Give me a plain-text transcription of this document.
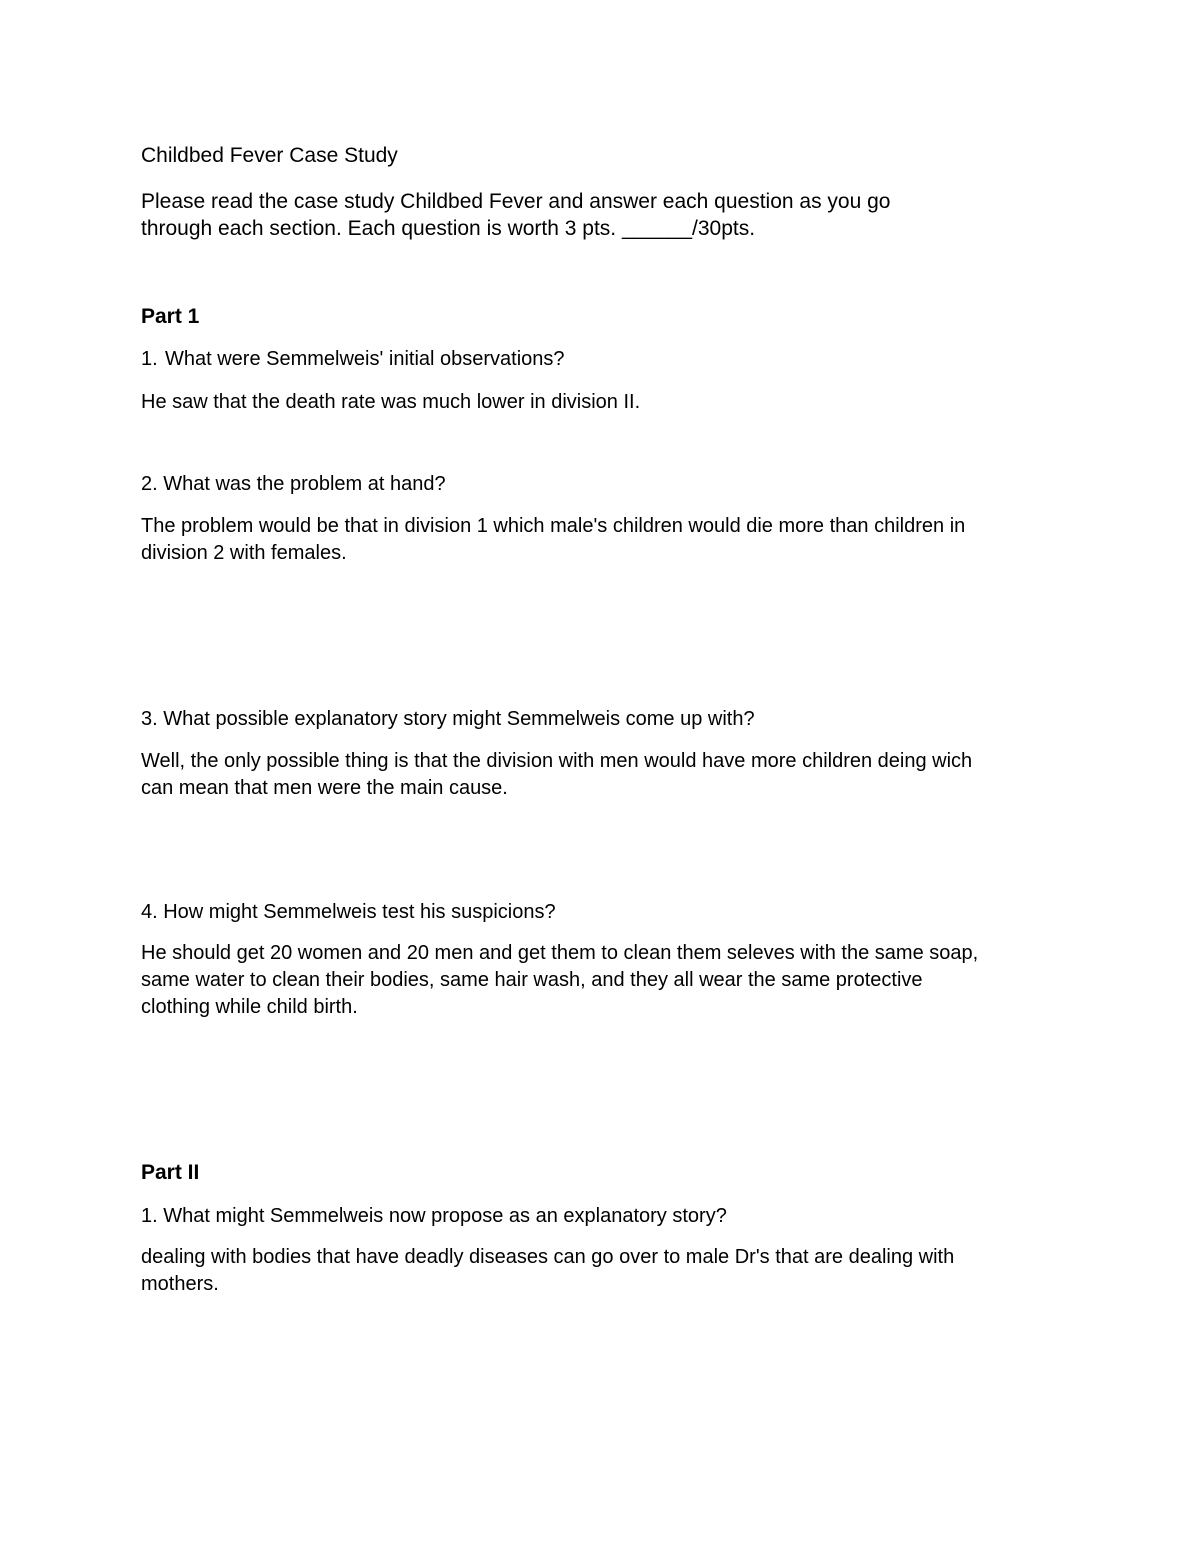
Childbed Fever Case Study

Please read the case study Childbed Fever and answer each question as you go

through each section. Each question is worth 3 pts. ______/30pts.

Part 1

1. What were Semmelweis' initial observations?

He saw that the death rate was much lower in division II.

2. What was the problem at hand?

The problem would be that in division 1 which male's children would die more than children in
division 2 with females.

3. What possible explanatory story might Semmelweis come up with?

Well, the only possible thing is that the division with men would have more children deing wich
can mean that men were the main cause.

4. How might Semmelweis test his suspicions?

He should get 20 women and 20 men and get them to clean them seleves with the same soap,
same water to clean their bodies, same hair wash, and they all wear the same protective
clothing while child birth.

Part II

1. What might Semmelweis now propose as an explanatory story?

dealing with bodies that have deadly diseases can go over to male Dr's that are dealing with
mothers.
